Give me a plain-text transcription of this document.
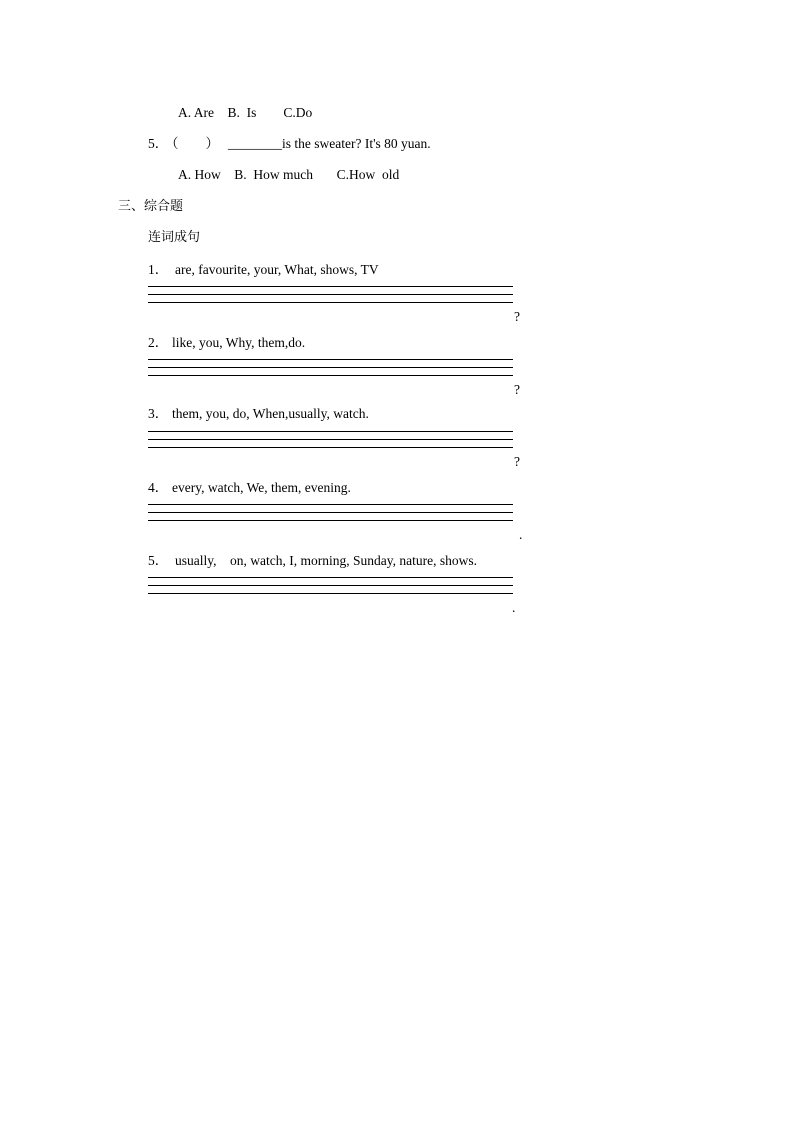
A. Are    B.  Is        C.Do
5．
（        ） ________is the sweater? It's 80 yuan.
A. How    B.  How much       C.How  old
三、综合题
连词成句
1． are, favourite, your, What, shows, TV
?
2． like, you, Why, them,do.
?
3． them, you, do, When,usually, watch.
?
4． every, watch, We, them, evening.
.
5． usually,    on, watch, I, morning, Sunday, nature, shows.
.
